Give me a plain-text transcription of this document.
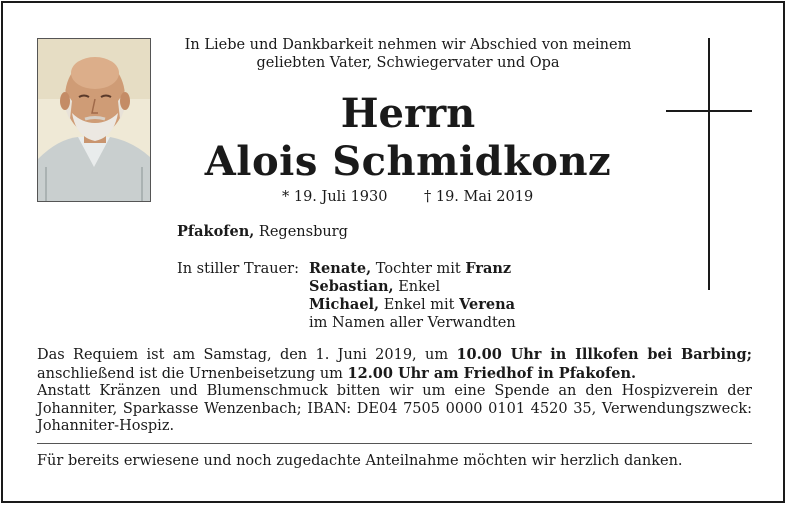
In Liebe und Dankbarkeit nehmen wir Abschied von meinem
geliebten Vater, Schwiegervater und Opa
Herrn
Alois Schmidkonz
* 19. Juli 1930	† 19. Mai 2019
Pfakofen, Regensburg
In stiller Trauer: Renate, Tochter mit Franz
Sebastian, Enkel
Michael, Enkel mit Verena
im Namen aller Verwandten

Das Requiem ist am Samstag, den 1. Juni 2019, um 10.00 Uhr in Illkofen bei Barbing; anschließend ist die Urnenbeisetzung um 12.00 Uhr am Friedhof in Pfakofen.

Anstatt Kränzen und Blumenschmuck bitten wir um eine Spende an den Hospizverein der Johanniter, Sparkasse Wenzenbach; IBAN: DE04 7505 0000 0101 4520 35, Verwendungszweck: Johanniter-Hospiz.

Für bereits erwiesene und noch zugedachte Anteilnahme möchten wir herzlich danken.
